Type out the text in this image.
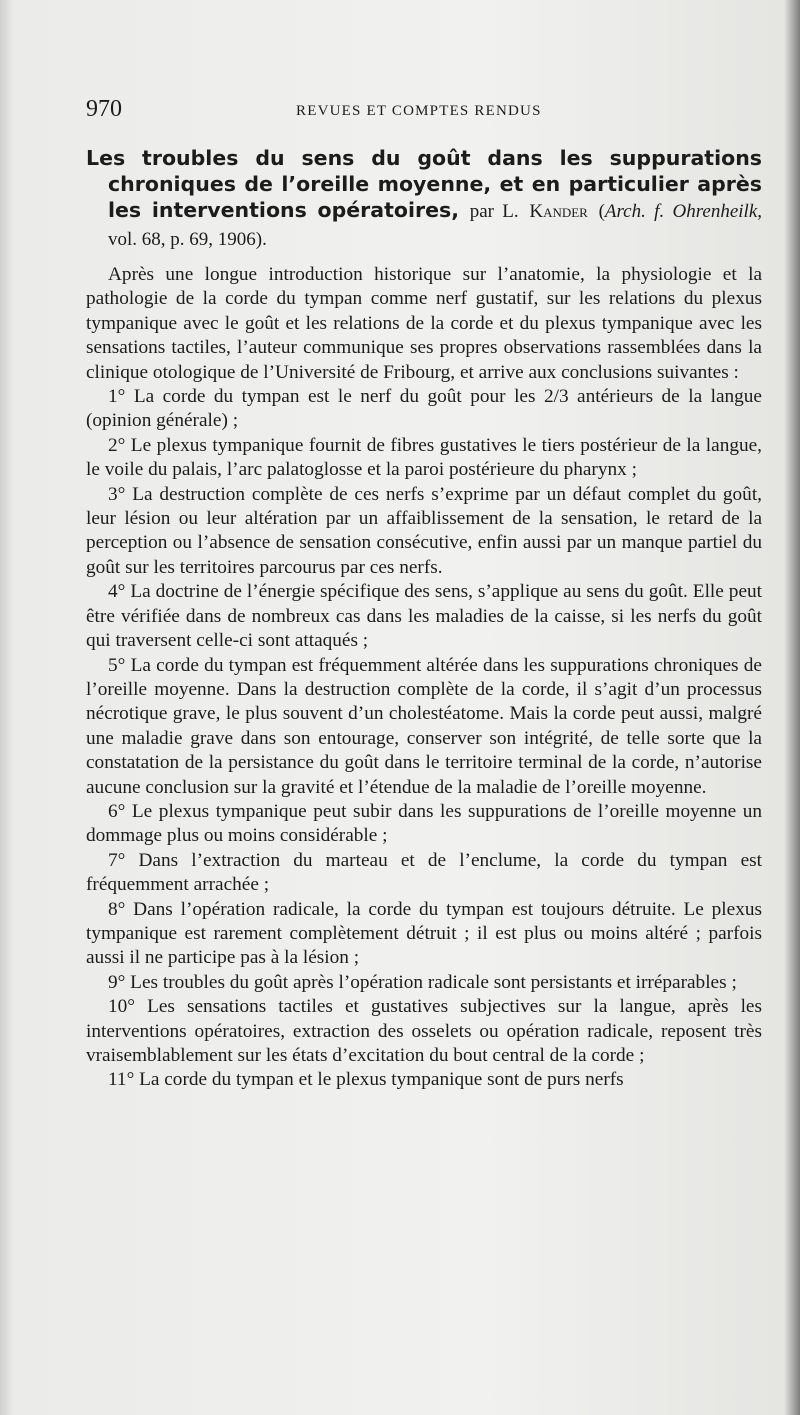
970	REVUES ET COMPTES RENDUS
Les troubles du sens du goût dans les suppurations chroniques de l’oreille moyenne, et en particulier après les interventions opératoires, par L. Kander (Arch. f. Ohrenheilk, vol. 68, p. 69, 1906).

Après une longue introduction historique sur l’anatomie, la physiologie et la pathologie de la corde du tympan comme nerf gustatif, sur les relations du plexus tympanique avec le goût et les relations de la corde et du plexus tympanique avec les sensations tactiles, l’auteur communique ses propres observations rassemblées dans la clinique otologique de l’Université de Fribourg, et arrive aux conclusions suivantes :

1° La corde du tympan est le nerf du goût pour les 2/3 antérieurs de la langue (opinion générale) ;

2° Le plexus tympanique fournit de fibres gustatives le tiers postérieur de la langue, le voile du palais, l’arc palatoglosse et la paroi postérieure du pharynx ;

3° La destruction complète de ces nerfs s’exprime par un défaut complet du goût, leur lésion ou leur altération par un affaiblissement de la sensation, le retard de la perception ou l’absence de sensation consécutive, enfin aussi par un manque partiel du goût sur les territoires parcourus par ces nerfs.

4° La doctrine de l’énergie spécifique des sens, s’applique au sens du goût. Elle peut être vérifiée dans de nombreux cas dans les maladies de la caisse, si les nerfs du goût qui traversent celle-ci sont attaqués ;

5° La corde du tympan est fréquemment altérée dans les suppurations chroniques de l’oreille moyenne. Dans la destruction complète de la corde, il s’agit d’un processus nécrotique grave, le plus souvent d’un cholestéatome. Mais la corde peut aussi, malgré une maladie grave dans son entourage, conserver son intégrité, de telle sorte que la constatation de la persistance du goût dans le territoire terminal de la corde, n’autorise aucune conclusion sur la gravité et l’étendue de la maladie de l’oreille moyenne.

6° Le plexus tympanique peut subir dans les suppurations de l’oreille moyenne un dommage plus ou moins considérable ;

7° Dans l’extraction du marteau et de l’enclume, la corde du tympan est fréquemment arrachée ;

8° Dans l’opération radicale, la corde du tympan est toujours détruite. Le plexus tympanique est rarement complètement détruit ; il est plus ou moins altéré ; parfois aussi il ne participe pas à la lésion ;

9° Les troubles du goût après l’opération radicale sont persistants et irréparables ;

10° Les sensations tactiles et gustatives subjectives sur la langue, après les interventions opératoires, extraction des osselets ou opération radicale, reposent très vraisemblablement sur les états d’excitation du bout central de la corde ;

11° La corde du tympan et le plexus tympanique sont de purs nerfs
